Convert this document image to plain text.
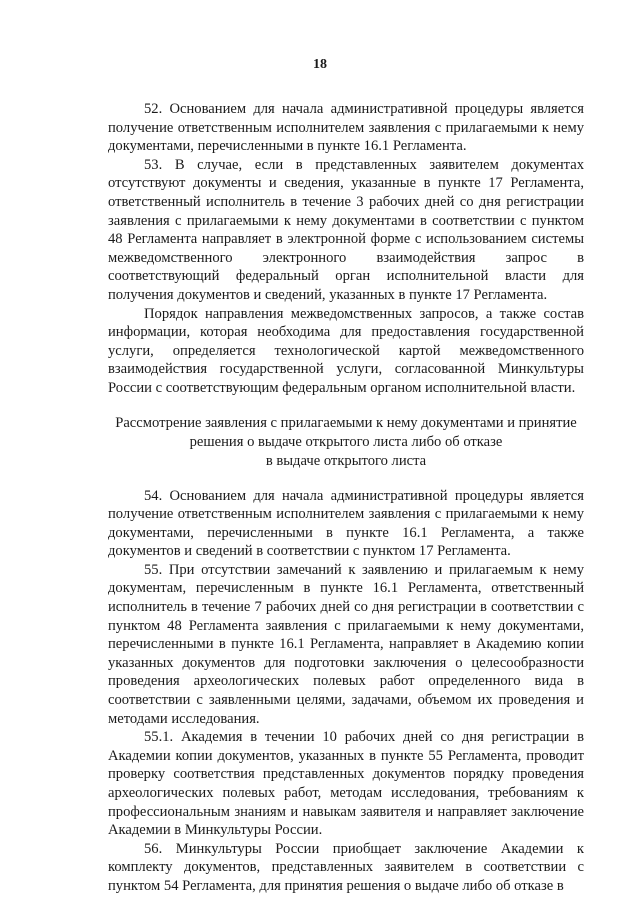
18

52. Основанием для начала административной процедуры является получение ответственным исполнителем заявления с прилагаемыми к нему документами, перечисленными в пункте 16.1 Регламента.

53. В случае, если в представленных заявителем документах отсутствуют документы и сведения, указанные в пункте 17 Регламента, ответственный исполнитель в течение 3 рабочих дней со дня регистрации заявления с прилагаемыми к нему документами в соответствии с пунктом 48 Регламента направляет в электронной форме с использованием системы межведомственного электронного взаимодействия запрос в соответствующий федеральный орган исполнительной власти для получения документов и сведений, указанных в пункте 17 Регламента.

Порядок направления межведомственных запросов, а также состав информации, которая необходима для предоставления государственной услуги, определяется технологической картой межведомственного взаимодействия государственной услуги, согласованной Минкультуры России с соответствующим федеральным органом исполнительной власти.

Рассмотрение заявления с прилагаемыми к нему документами и принятие
решения о выдаче открытого листа либо об отказе
в выдаче открытого листа

54. Основанием для начала административной процедуры является получение ответственным исполнителем заявления с прилагаемыми к нему документами, перечисленными в пункте 16.1 Регламента, а также документов и сведений в соответствии с пунктом 17 Регламента.

55. При отсутствии замечаний к заявлению и прилагаемым к нему документам, перечисленным в пункте 16.1 Регламента, ответственный исполнитель в течение 7 рабочих дней со дня регистрации в соответствии с пунктом 48 Регламента заявления с прилагаемыми к нему документами, перечисленными в пункте 16.1 Регламента, направляет в Академию копии указанных документов для подготовки заключения о целесообразности проведения археологических полевых работ определенного вида в соответствии с заявленными целями, задачами, объемом их проведения и методами исследования.

55.1. Академия в течении 10 рабочих дней со дня регистрации в Академии копии документов, указанных в пункте 55 Регламента, проводит проверку соответствия представленных документов порядку проведения археологических полевых работ, методам исследования, требованиям к профессиональным знаниям и навыкам заявителя и направляет заключение Академии в Минкультуры России.

56. Минкультуры России приобщает заключение Академии к комплекту документов, представленных заявителем в соответствии с пунктом 54 Регламента, для принятия решения о выдаче либо об отказе в
